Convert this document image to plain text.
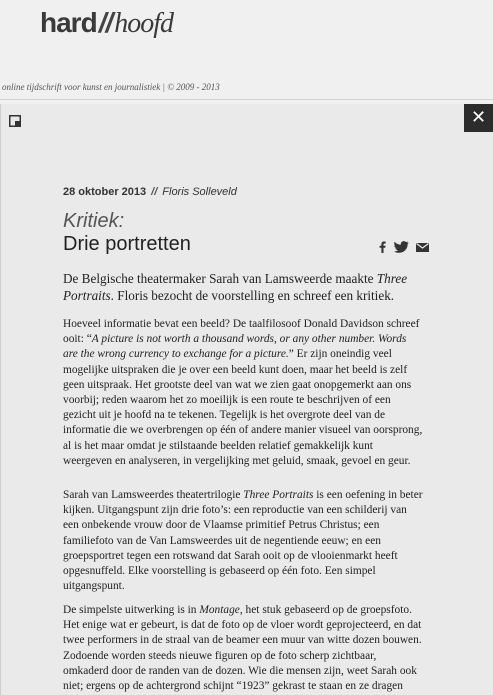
hard//hoofd
online tijdschrift voor kunst en journalistiek | © 2009 - 2013
✕
28 oktober 2013 // Floris Solleveld
Kritiek:
Drie portretten

De Belgische theatermaker Sarah van Lamsweerde maakte Three Portraits. Floris bezocht de voorstelling en schreef een kritiek.

Hoeveel informatie bevat een beeld? De taalfilosoof Donald Davidson schreef ooit: “A picture is not worth a thousand words, or any other number. Words are the wrong currency to exchange for a picture.” Er zijn oneindig veel mogelijke uitspraken die je over een beeld kunt doen, maar het beeld is zelf geen uitspraak. Het grootste deel van wat we zien gaat onopgemerkt aan ons voorbij; reden waarom het zo moeilijk is een route te beschrijven of een gezicht uit je hoofd na te tekenen. Tegelijk is het overgrote deel van de informatie die we overbrengen op één of andere manier visueel van oorsprong, al is het maar omdat je stilstaande beelden relatief gemakkelijk kunt weergeven en analyseren, in vergelijking met geluid, smaak, gevoel en geur.

Sarah van Lamsweerdes theatertrilogie Three Portraits is een oefening in beter kijken. Uitgangspunt zijn drie foto’s: een reproductie van een schilderij van een onbekende vrouw door de Vlaamse primitief Petrus Christus; een familiefoto van de Van Lamsweerdes uit de negentiende eeuw; en een groepsportret tegen een rotswand dat Sarah ooit op de vlooienmarkt heeft opgesnuffeld. Elke voorstelling is gebaseerd op één foto. Een simpel uitgangspunt.

De simpelste uitwerking is in Montage, het stuk gebaseerd op de groepsfoto. Het enige wat er gebeurt, is dat de foto op de vloer wordt geprojecteerd, en dat twee performers in de straal van de beamer een muur van witte dozen bouwen. Zodoende worden steeds nieuwe figuren op de foto scherp zichtbaar, omkaderd door de randen van de dozen. Wie die mensen zijn, weet Sarah ook niet; ergens op de achtergrond schijnt “1923” gekrast te staan en ze dragen
